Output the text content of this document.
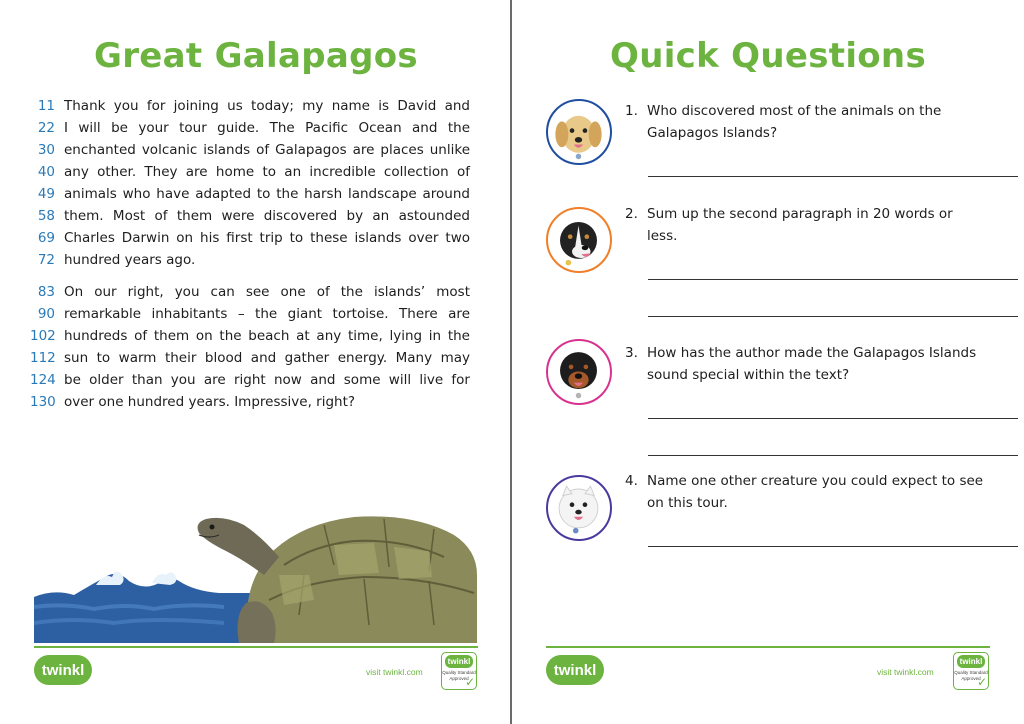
Great Galapagos
11 Thank you for joining us today; my name is David and
22 I will be your tour guide. The Pacific Ocean and the
30 enchanted volcanic islands of Galapagos are places unlike
40 any other. They are home to an incredible collection of
49 animals who have adapted to the harsh landscape around
58 them. Most of them were discovered by an astounded
69 Charles Darwin on his first trip to these islands over two
72 hundred years ago.
83 On our right, you can see one of the islands’ most
90 remarkable inhabitants – the giant tortoise. There are
102 hundreds of them on the beach at any time, lying in the
112 sun to warm their blood and gather energy. Many may
124 be older than you are right now and some will live for
130 over one hundred years. Impressive, right?
twinkl	visit twinkl.com
twinkl
Quality Standard Approved
✓
Quick Questions
1. Who discovered most of the animals on the
Galapagos Islands?
2. Sum up the second paragraph in 20 words or
less.
3. How has the author made the Galapagos Islands
sound special within the text?
4. Name one other creature you could expect to see
on this tour.
twinkl	visit twinkl.com
twinkl
Quality Standard Approved
✓
